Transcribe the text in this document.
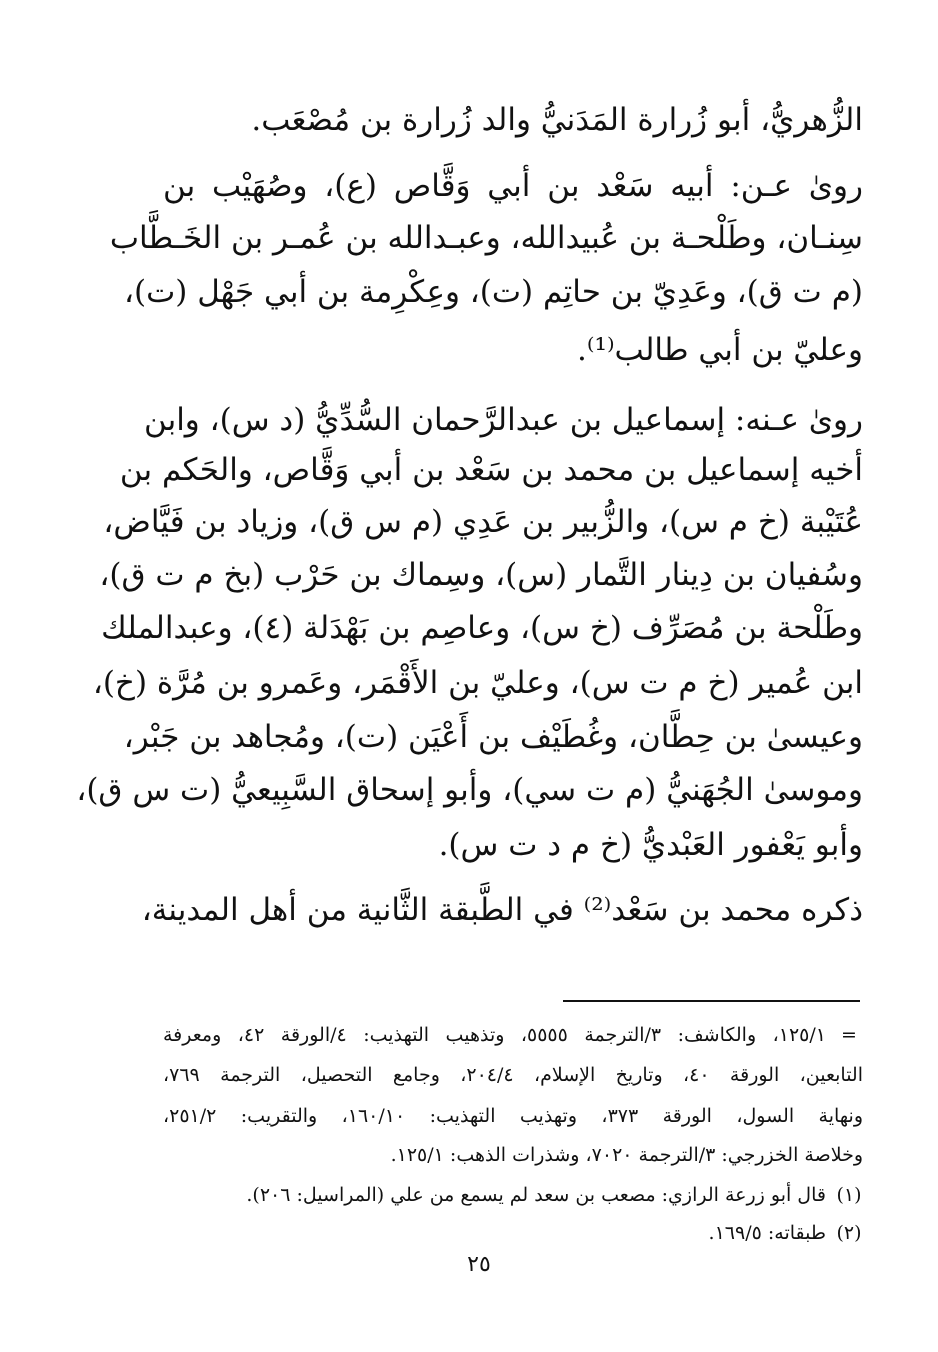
الزُّهريُّ، أبو زُرارة المَدَنيُّ والد زُرارة بن مُصْعَب.
روىٰ عـن: أبيه سَعْد بن أبي وَقَّاص (ع)، وصُهَيْب بن
سِنـان، وطَلْحـة بن عُبيدالله، وعبـدالله بن عُمـر بن الخَـطَّاب
(م ت ق)، وعَدِيّ بن حاتِم (ت)، وعِكْرِمة بن أبي جَهْل (ت)،
وعليّ بن أبي طالب⁽¹⁾.
روىٰ عـنه: إسماعيل بن عبدالرَّحمان السُّدِّيُّ (د س)، وابن
أخيه إسماعيل بن محمد بن سَعْد بن أبي وَقَّاص، والحَكم بن
عُتَيْبة (خ م س)، والزُّبير بن عَدِي (م س ق)، وزياد بن فَيَّاض،
وسُفيان بن دِينار التَّمار (س)، وسِماك بن حَرْب (بخ م ت ق)،
وطَلْحة بن مُصَرِّف (خ س)، وعاصِم بن بَهْدَلة (٤)، وعبدالملك
ابن عُمير (خ م ت س)، وعليّ بن الأَقْمَر، وعَمرو بن مُرَّة (خ)،
وعيسىٰ بن حِطَّان، وغُطَيْف بن أَعْيَن (ت)، ومُجاهد بن جَبْر،
وموسىٰ الجُهَنيُّ (م ت سي)، وأبو إسحاق السَّبِيعيُّ (ت س ق)،
وأبو يَعْفور العَبْديُّ (خ م د ت س).
ذكره محمد بن سَعْد⁽²⁾ في الطَّبقة الثَّانية من أهل المدينة،
=
١٢٥/١، والكاشف: ٣/الترجمة ٥٥٥٥، وتذهيب التهذيب: ٤/الورقة ٤٢، ومعرفة
التابعين، الورقة ٤٠، وتاريخ الإسلام، ٢٠٤/٤، وجامع التحصيل، الترجمة ٧٦٩،
ونهاية السول، الورقة ٣٧٣، وتهذيب التهذيب: ١٦٠/١٠، والتقريب: ٢٥١/٢،
وخلاصة الخزرجي: ٣/الترجمة ٧٠٢٠، وشذرات الذهب: ١٢٥/١.
(١)
قال أبو زرعة الرازي: مصعب بن سعد لم يسمع من علي (المراسيل: ٢٠٦).
(٢)
طبقاته: ١٦٩/٥.
٢٥
